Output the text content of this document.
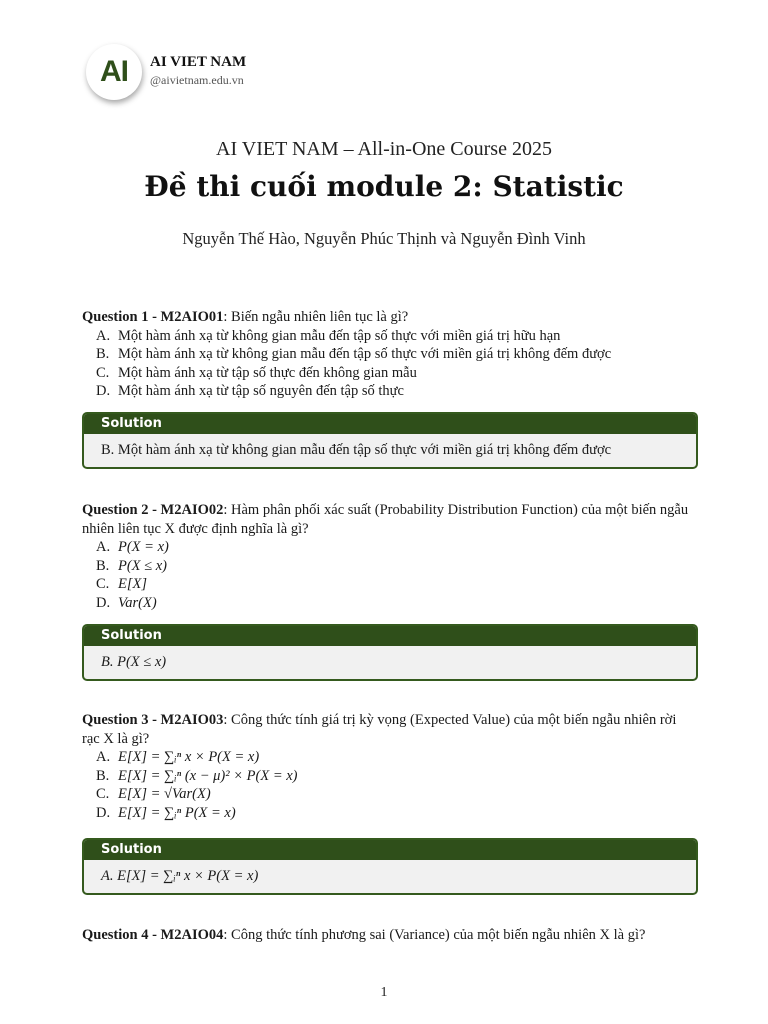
AI	AI VIET NAM
@aivietnam.edu.vn
AI VIET NAM – All-in-One Course 2025
Đề thi cuối module 2: Statistic
Nguyễn Thế Hào, Nguyễn Phúc Thịnh và Nguyễn Đình Vinh
Question 1 - M2AIO01: Biến ngẫu nhiên liên tục là gì?
A. Một hàm ánh xạ từ không gian mẫu đến tập số thực với miền giá trị hữu hạn
B. Một hàm ánh xạ từ không gian mẫu đến tập số thực với miền giá trị không đếm được
C. Một hàm ánh xạ từ tập số thực đến không gian mẫu
D. Một hàm ánh xạ từ tập số nguyên đến tập số thực
Solution
B. Một hàm ánh xạ từ không gian mẫu đến tập số thực với miền giá trị không đếm được
Question 2 - M2AIO02: Hàm phân phối xác suất (Probability Distribution Function) của một biến ngẫu nhiên liên tục X được định nghĩa là gì?
A. P(X = x)
B. P(X ≤ x)
C. E[X]
D. Var(X)
Solution
B. P(X ≤ x)
Question 3 - M2AIO03: Công thức tính giá trị kỳ vọng (Expected Value) của một biến ngẫu nhiên rời rạc X là gì?
A. E[X] = ∑ᵢⁿ x × P(X = x)
B. E[X] = ∑ᵢⁿ (x − μ)² × P(X = x)
C. E[X] = √Var(X)
D. E[X] = ∑ᵢⁿ P(X = x)
Solution
A. E[X] = ∑ᵢⁿ x × P(X = x)
Question 4 - M2AIO04: Công thức tính phương sai (Variance) của một biến ngẫu nhiên X là gì?
1
